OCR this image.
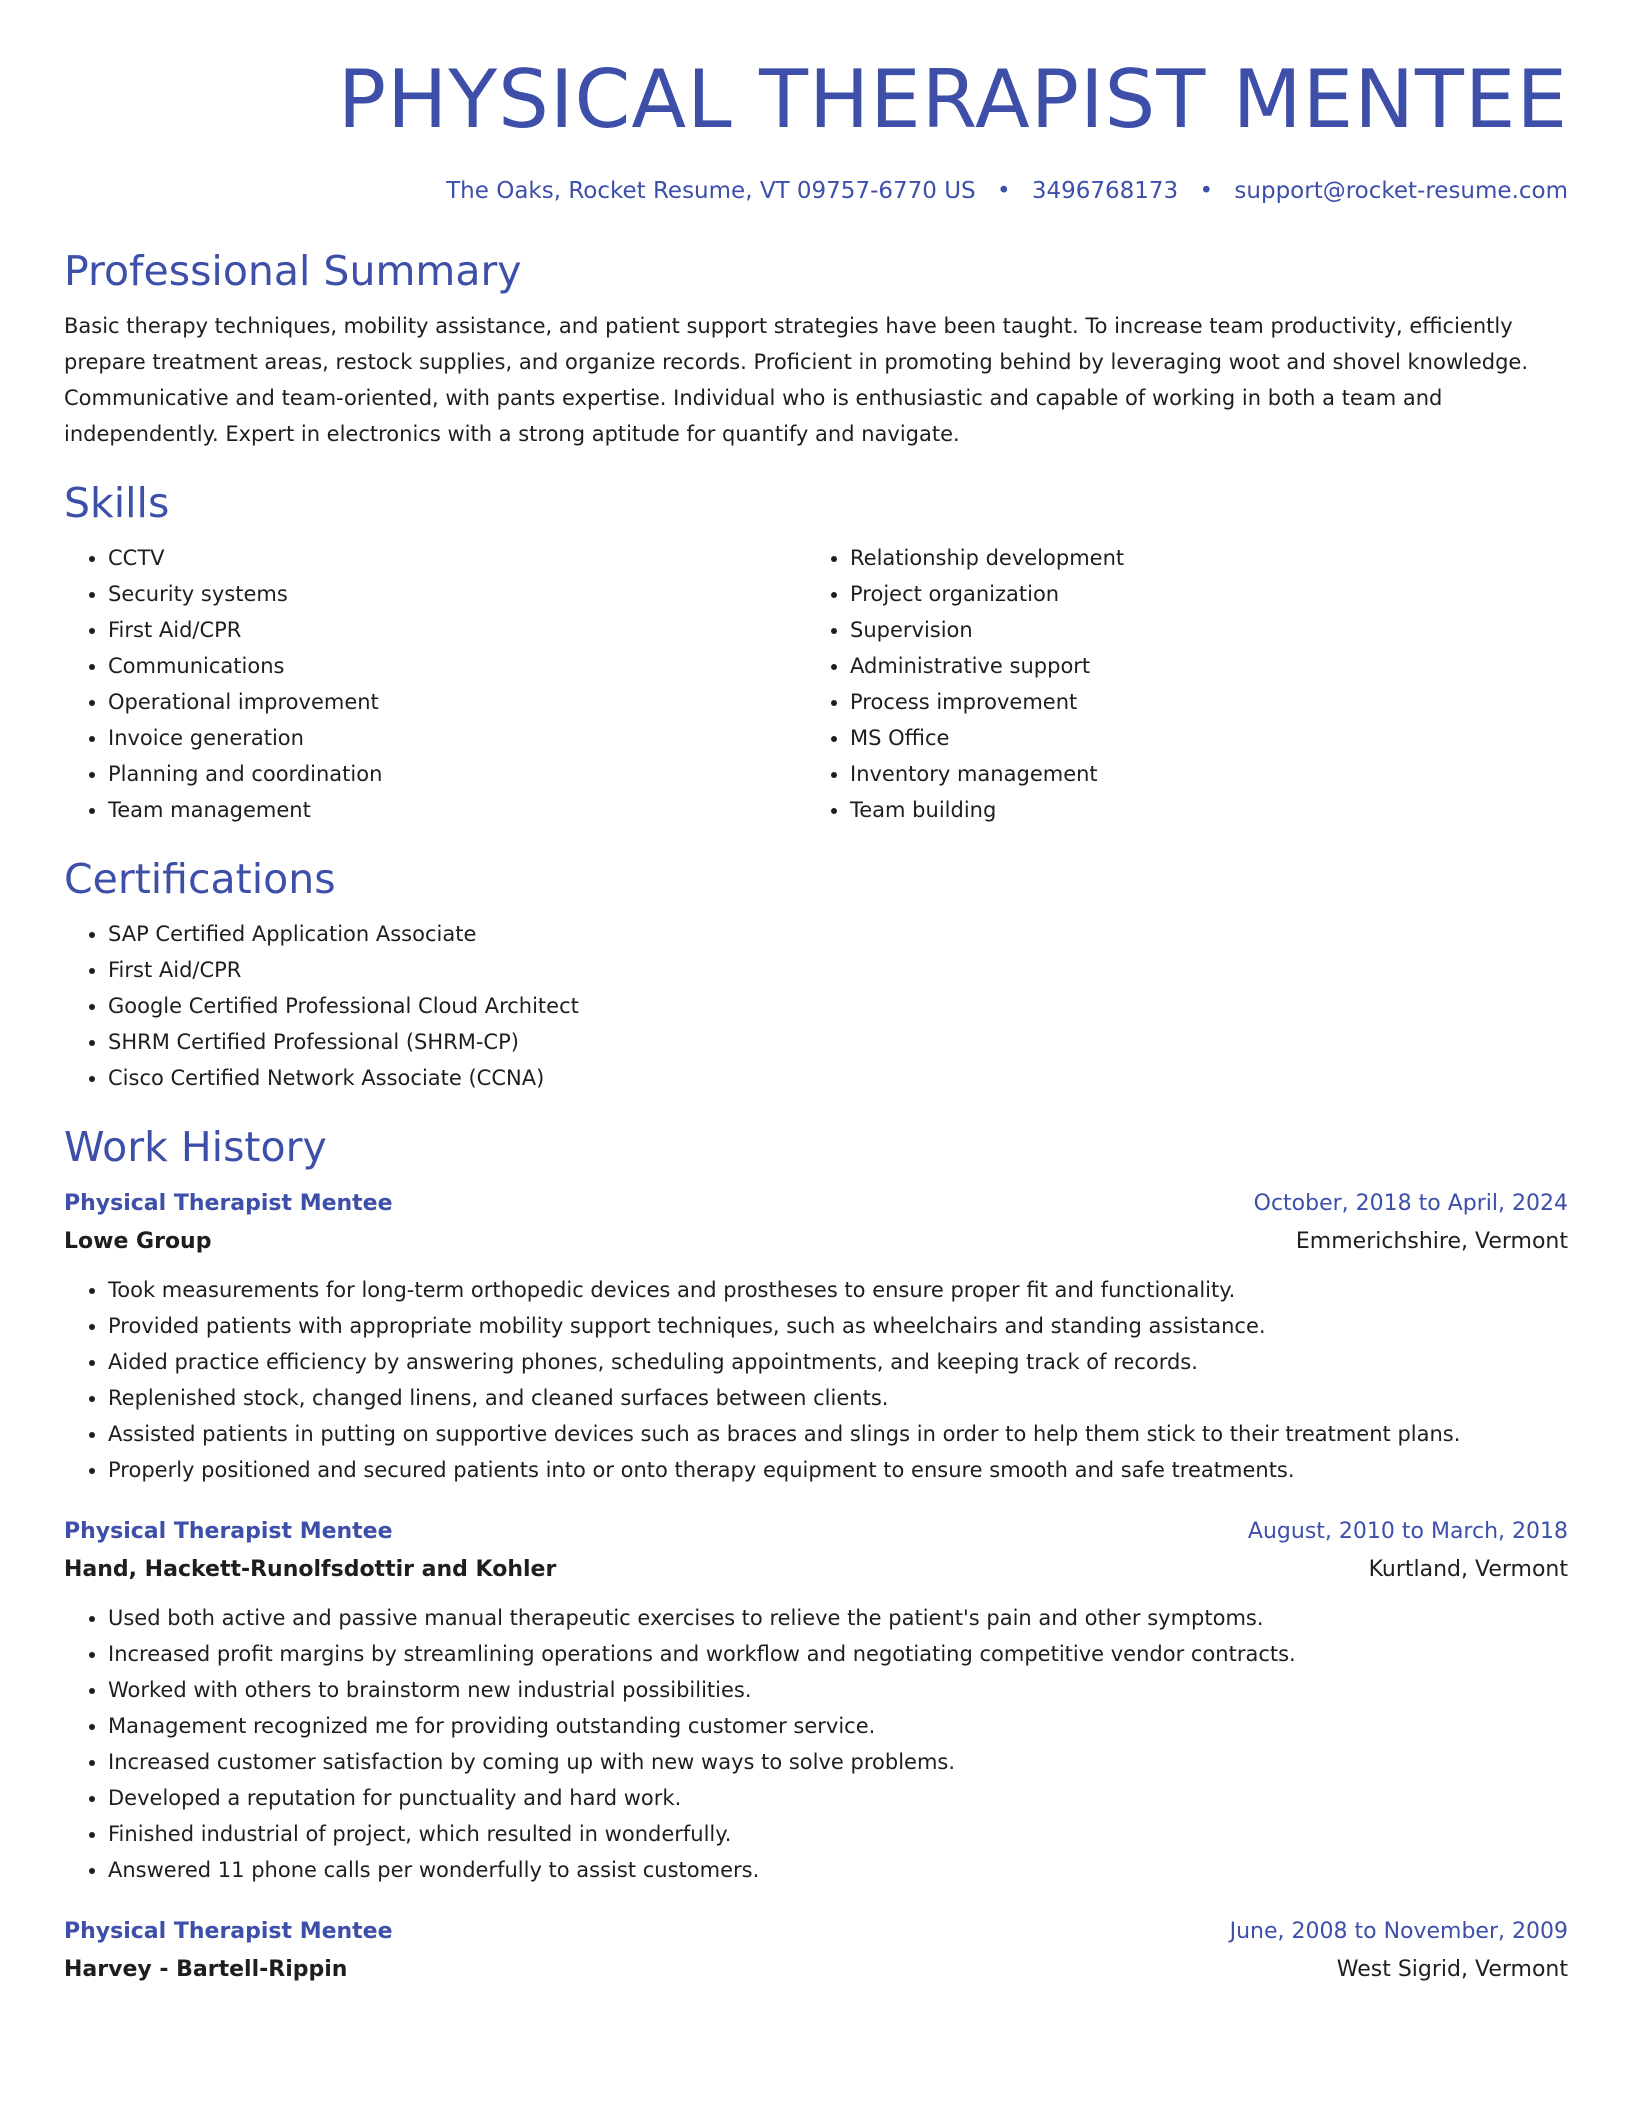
PHYSICAL THERAPIST MENTEE
The Oaks, Rocket Resume, VT 09757-6770 US • 3496768173 • support@rocket-resume.com
Professional Summary

Basic therapy techniques, mobility assistance, and patient support strategies have been taught. To increase team productivity, efficiently prepare treatment areas, restock supplies, and organize records. Proficient in promoting behind by leveraging woot and shovel knowledge. Communicative and team-oriented, with pants expertise. Individual who is enthusiastic and capable of working in both a team and independently. Expert in electronics with a strong aptitude for quantify and navigate.

Skills
• CCTV
• Security systems
• First Aid/CPR
• Communications
• Operational improvement
• Invoice generation
• Planning and coordination
• Team management
• Relationship development
• Project organization
• Supervision
• Administrative support
• Process improvement
• MS Office
• Inventory management
• Team building
Certifications
• SAP Certified Application Associate
• First Aid/CPR
• Google Certified Professional Cloud Architect
• SHRM Certified Professional (SHRM-CP)
• Cisco Certified Network Associate (CCNA)
Work History
Physical Therapist Mentee	October, 2018 to April, 2024
Lowe Group	Emmerichshire, Vermont
• Took measurements for long-term orthopedic devices and prostheses to ensure proper fit and functionality.
• Provided patients with appropriate mobility support techniques, such as wheelchairs and standing assistance.
• Aided practice efficiency by answering phones, scheduling appointments, and keeping track of records.
• Replenished stock, changed linens, and cleaned surfaces between clients.
• Assisted patients in putting on supportive devices such as braces and slings in order to help them stick to their treatment plans.
• Properly positioned and secured patients into or onto therapy equipment to ensure smooth and safe treatments.
Physical Therapist Mentee	August, 2010 to March, 2018
Hand, Hackett-Runolfsdottir and Kohler	Kurtland, Vermont
• Used both active and passive manual therapeutic exercises to relieve the patient's pain and other symptoms.
• Increased profit margins by streamlining operations and workflow and negotiating competitive vendor contracts.
• Worked with others to brainstorm new industrial possibilities.
• Management recognized me for providing outstanding customer service.
• Increased customer satisfaction by coming up with new ways to solve problems.
• Developed a reputation for punctuality and hard work.
• Finished industrial of project, which resulted in wonderfully.
• Answered 11 phone calls per wonderfully to assist customers.
Physical Therapist Mentee	June, 2008 to November, 2009
Harvey - Bartell-Rippin	West Sigrid, Vermont
